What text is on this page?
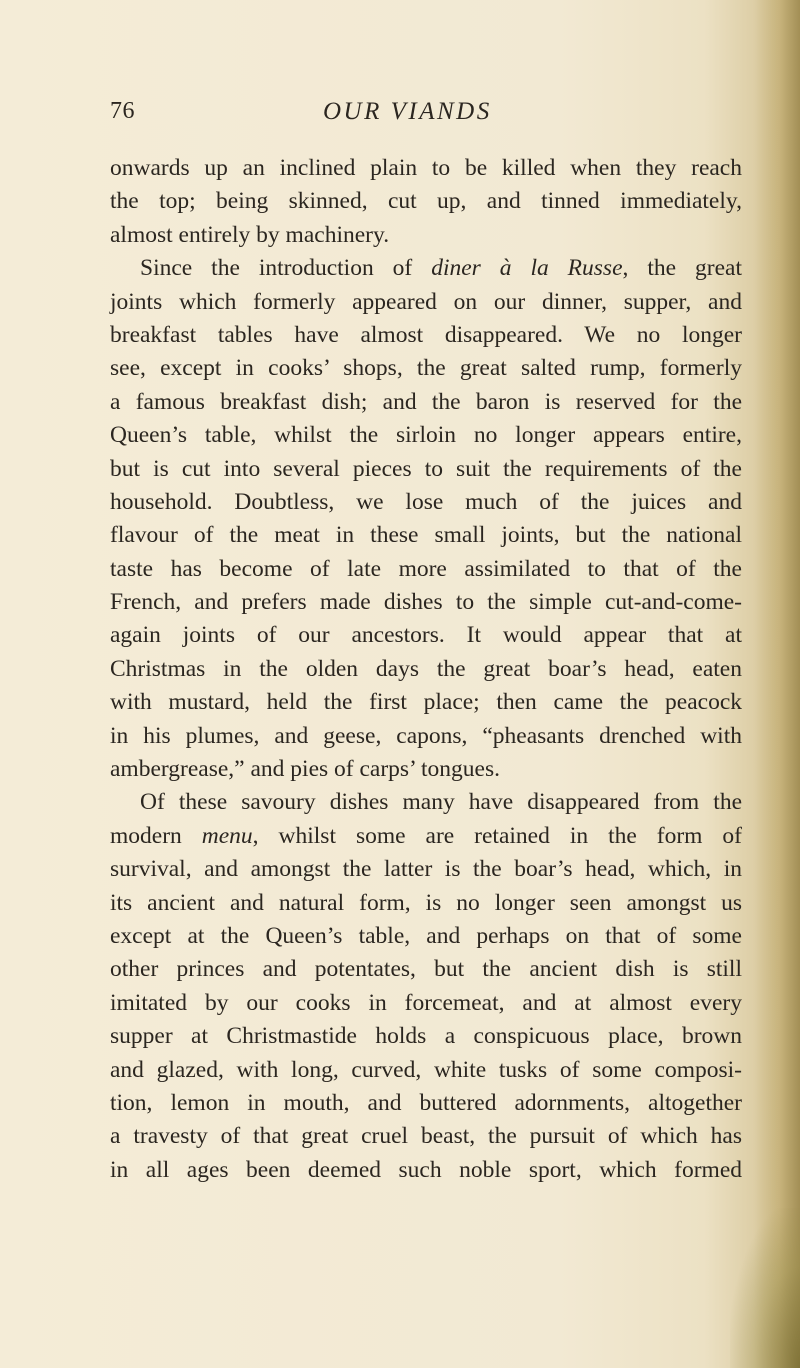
76	OUR VIANDS
onwards up an inclined plain to be killed when they reach
the top; being skinned, cut up, and tinned immediately,
almost entirely by machinery.
Since the introduction of diner à la Russe, the great
joints which formerly appeared on our dinner, supper, and
breakfast tables have almost disappeared. We no longer
see, except in cooks’ shops, the great salted rump, formerly
a famous breakfast dish; and the baron is reserved for the
Queen’s table, whilst the sirloin no longer appears entire,
but is cut into several pieces to suit the requirements of the
household. Doubtless, we lose much of the juices and
flavour of the meat in these small joints, but the national
taste has become of late more assimilated to that of the
French, and prefers made dishes to the simple cut-and-come-
again joints of our ancestors. It would appear that at
Christmas in the olden days the great boar’s head, eaten
with mustard, held the first place; then came the peacock
in his plumes, and geese, capons, “pheasants drenched with
ambergrease,” and pies of carps’ tongues.
Of these savoury dishes many have disappeared from the
modern menu, whilst some are retained in the form of
survival, and amongst the latter is the boar’s head, which, in
its ancient and natural form, is no longer seen amongst us
except at the Queen’s table, and perhaps on that of some
other princes and potentates, but the ancient dish is still
imitated by our cooks in forcemeat, and at almost every
supper at Christmastide holds a conspicuous place, brown
and glazed, with long, curved, white tusks of some composi-
tion, lemon in mouth, and buttered adornments, altogether
a travesty of that great cruel beast, the pursuit of which has
in all ages been deemed such noble sport, which formed
